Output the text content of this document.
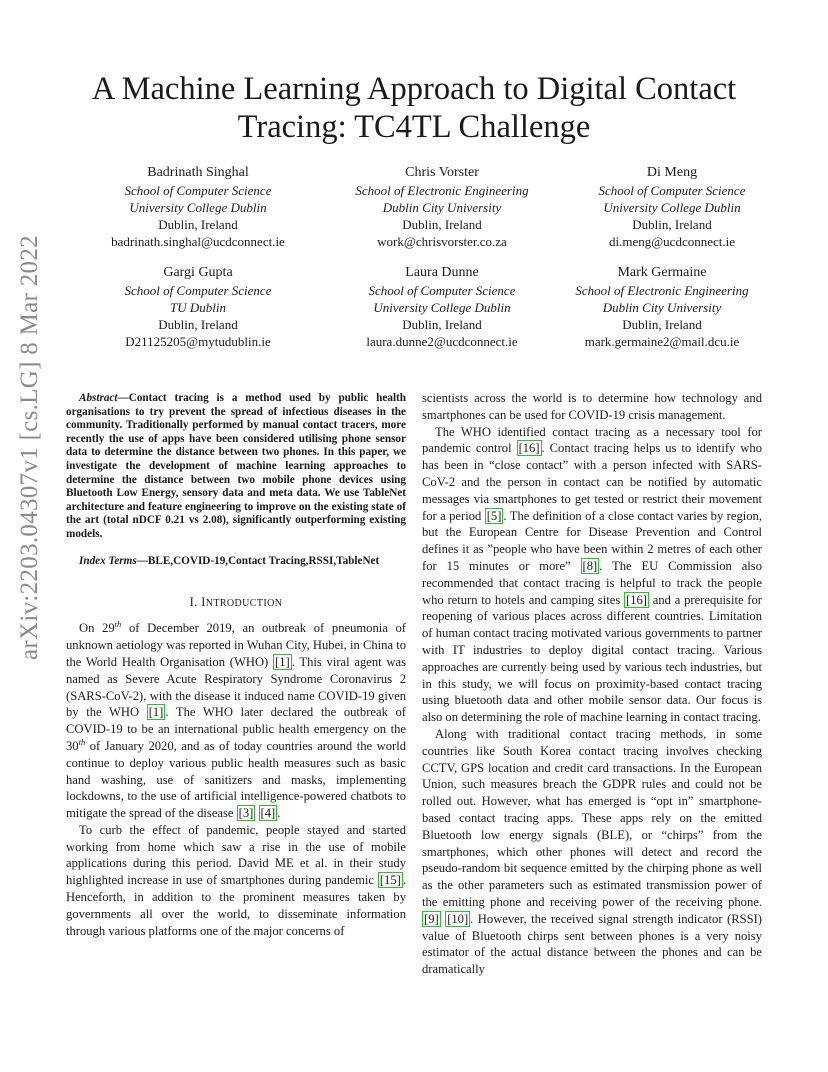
arXiv:2203.04307v1 [cs.LG] 8 Mar 2022
A Machine Learning Approach to Digital Contact Tracing: TC4TL Challenge
Badrinath Singhal
School of Computer Science
University College Dublin
Dublin, Ireland
badrinath.singhal@ucdconnect.ie
Chris Vorster
School of Electronic Engineering
Dublin City University
Dublin, Ireland
work@chrisvorster.co.za
Di Meng
School of Computer Science
University College Dublin
Dublin, Ireland
di.meng@ucdconnect.ie
Gargi Gupta
School of Computer Science
TU Dublin
Dublin, Ireland
D21125205@mytudublin.ie
Laura Dunne
School of Computer Science
University College Dublin
Dublin, Ireland
laura.dunne2@ucdconnect.ie
Mark Germaine
School of Electronic Engineering
Dublin City University
Dublin, Ireland
mark.germaine2@mail.dcu.ie
Abstract—Contact tracing is a method used by public health organisations to try prevent the spread of infectious diseases in the community. Traditionally performed by manual contact tracers, more recently the use of apps have been considered utilising phone sensor data to determine the distance between two phones. In this paper, we investigate the development of machine learning approaches to determine the distance between two mobile phone devices using Bluetooth Low Energy, sensory data and meta data. We use TableNet architecture and feature engineering to improve on the existing state of the art (total nDCF 0.21 vs 2.08), significantly outperforming existing models.
Index Terms—BLE,COVID-19,Contact Tracing,RSSI,TableNet
I. INTRODUCTION

On 29th of December 2019, an outbreak of pneumonia of unknown aetiology was reported in Wuhan City, Hubei, in China to the World Health Organisation (WHO) [1] . This viral agent was named as Severe Acute Respiratory Syndrome Coronavirus 2 (SARS-CoV-2), with the disease it induced name COVID-19 given by the WHO [1] . The WHO later declared the outbreak of COVID-19 to be an international public health emergency on the 30th of January 2020, and as of today countries around the world continue to deploy various public health measures such as basic hand washing, use of sanitizers and masks, implementing lockdowns, to the use of artificial intelligence-powered chatbots to mitigate the spread of the disease [3] [4] .

To curb the effect of pandemic, people stayed and started working from home which saw a rise in the use of mobile applications during this period. David ME et al. in their study highlighted increase in use of smartphones during pandemic [15] . Henceforth, in addition to the prominent measures taken by governments all over the world, to disseminate information through various platforms one of the major concerns of

scientists across the world is to determine how technology and smartphones can be used for COVID-19 crisis management.

The WHO identified contact tracing as a necessary tool for pandemic control [16] . Contact tracing helps us to identify who has been in “close contact” with a person infected with SARS-CoV-2 and the person in contact can be notified by automatic messages via smartphones to get tested or restrict their movement for a period [5] . The definition of a close contact varies by region, but the European Centre for Disease Prevention and Control defines it as ”people who have been within 2 metres of each other for 15 minutes or more” [8] . The EU Commission also recommended that contact tracing is helpful to track the people who return to hotels and camping sites [16] and a prerequisite for reopening of various places across different countries. Limitation of human contact tracing motivated various governments to partner with IT industries to deploy digital contact tracing. Various approaches are currently being used by various tech industries, but in this study, we will focus on proximity-based contact tracing using bluetooth data and other mobile sensor data. Our focus is also on determining the role of machine learning in contact tracing.

Along with traditional contact tracing methods, in some countries like South Korea contact tracing involves checking CCTV, GPS location and credit card transactions. In the European Union, such measures breach the GDPR rules and could not be rolled out. However, what has emerged is “opt in” smartphone-based contact tracing apps. These apps rely on the emitted Bluetooth low energy signals (BLE), or “chirps” from the smartphones, which other phones will detect and record the pseudo-random bit sequence emitted by the chirping phone as well as the other parameters such as estimated transmission power of the emitting phone and receiving power of the receiving phone. [9] [10] . However, the received signal strength indicator (RSSI) value of Bluetooth chirps sent between phones is a very noisy estimator of the actual distance between the phones and can be dramatically
